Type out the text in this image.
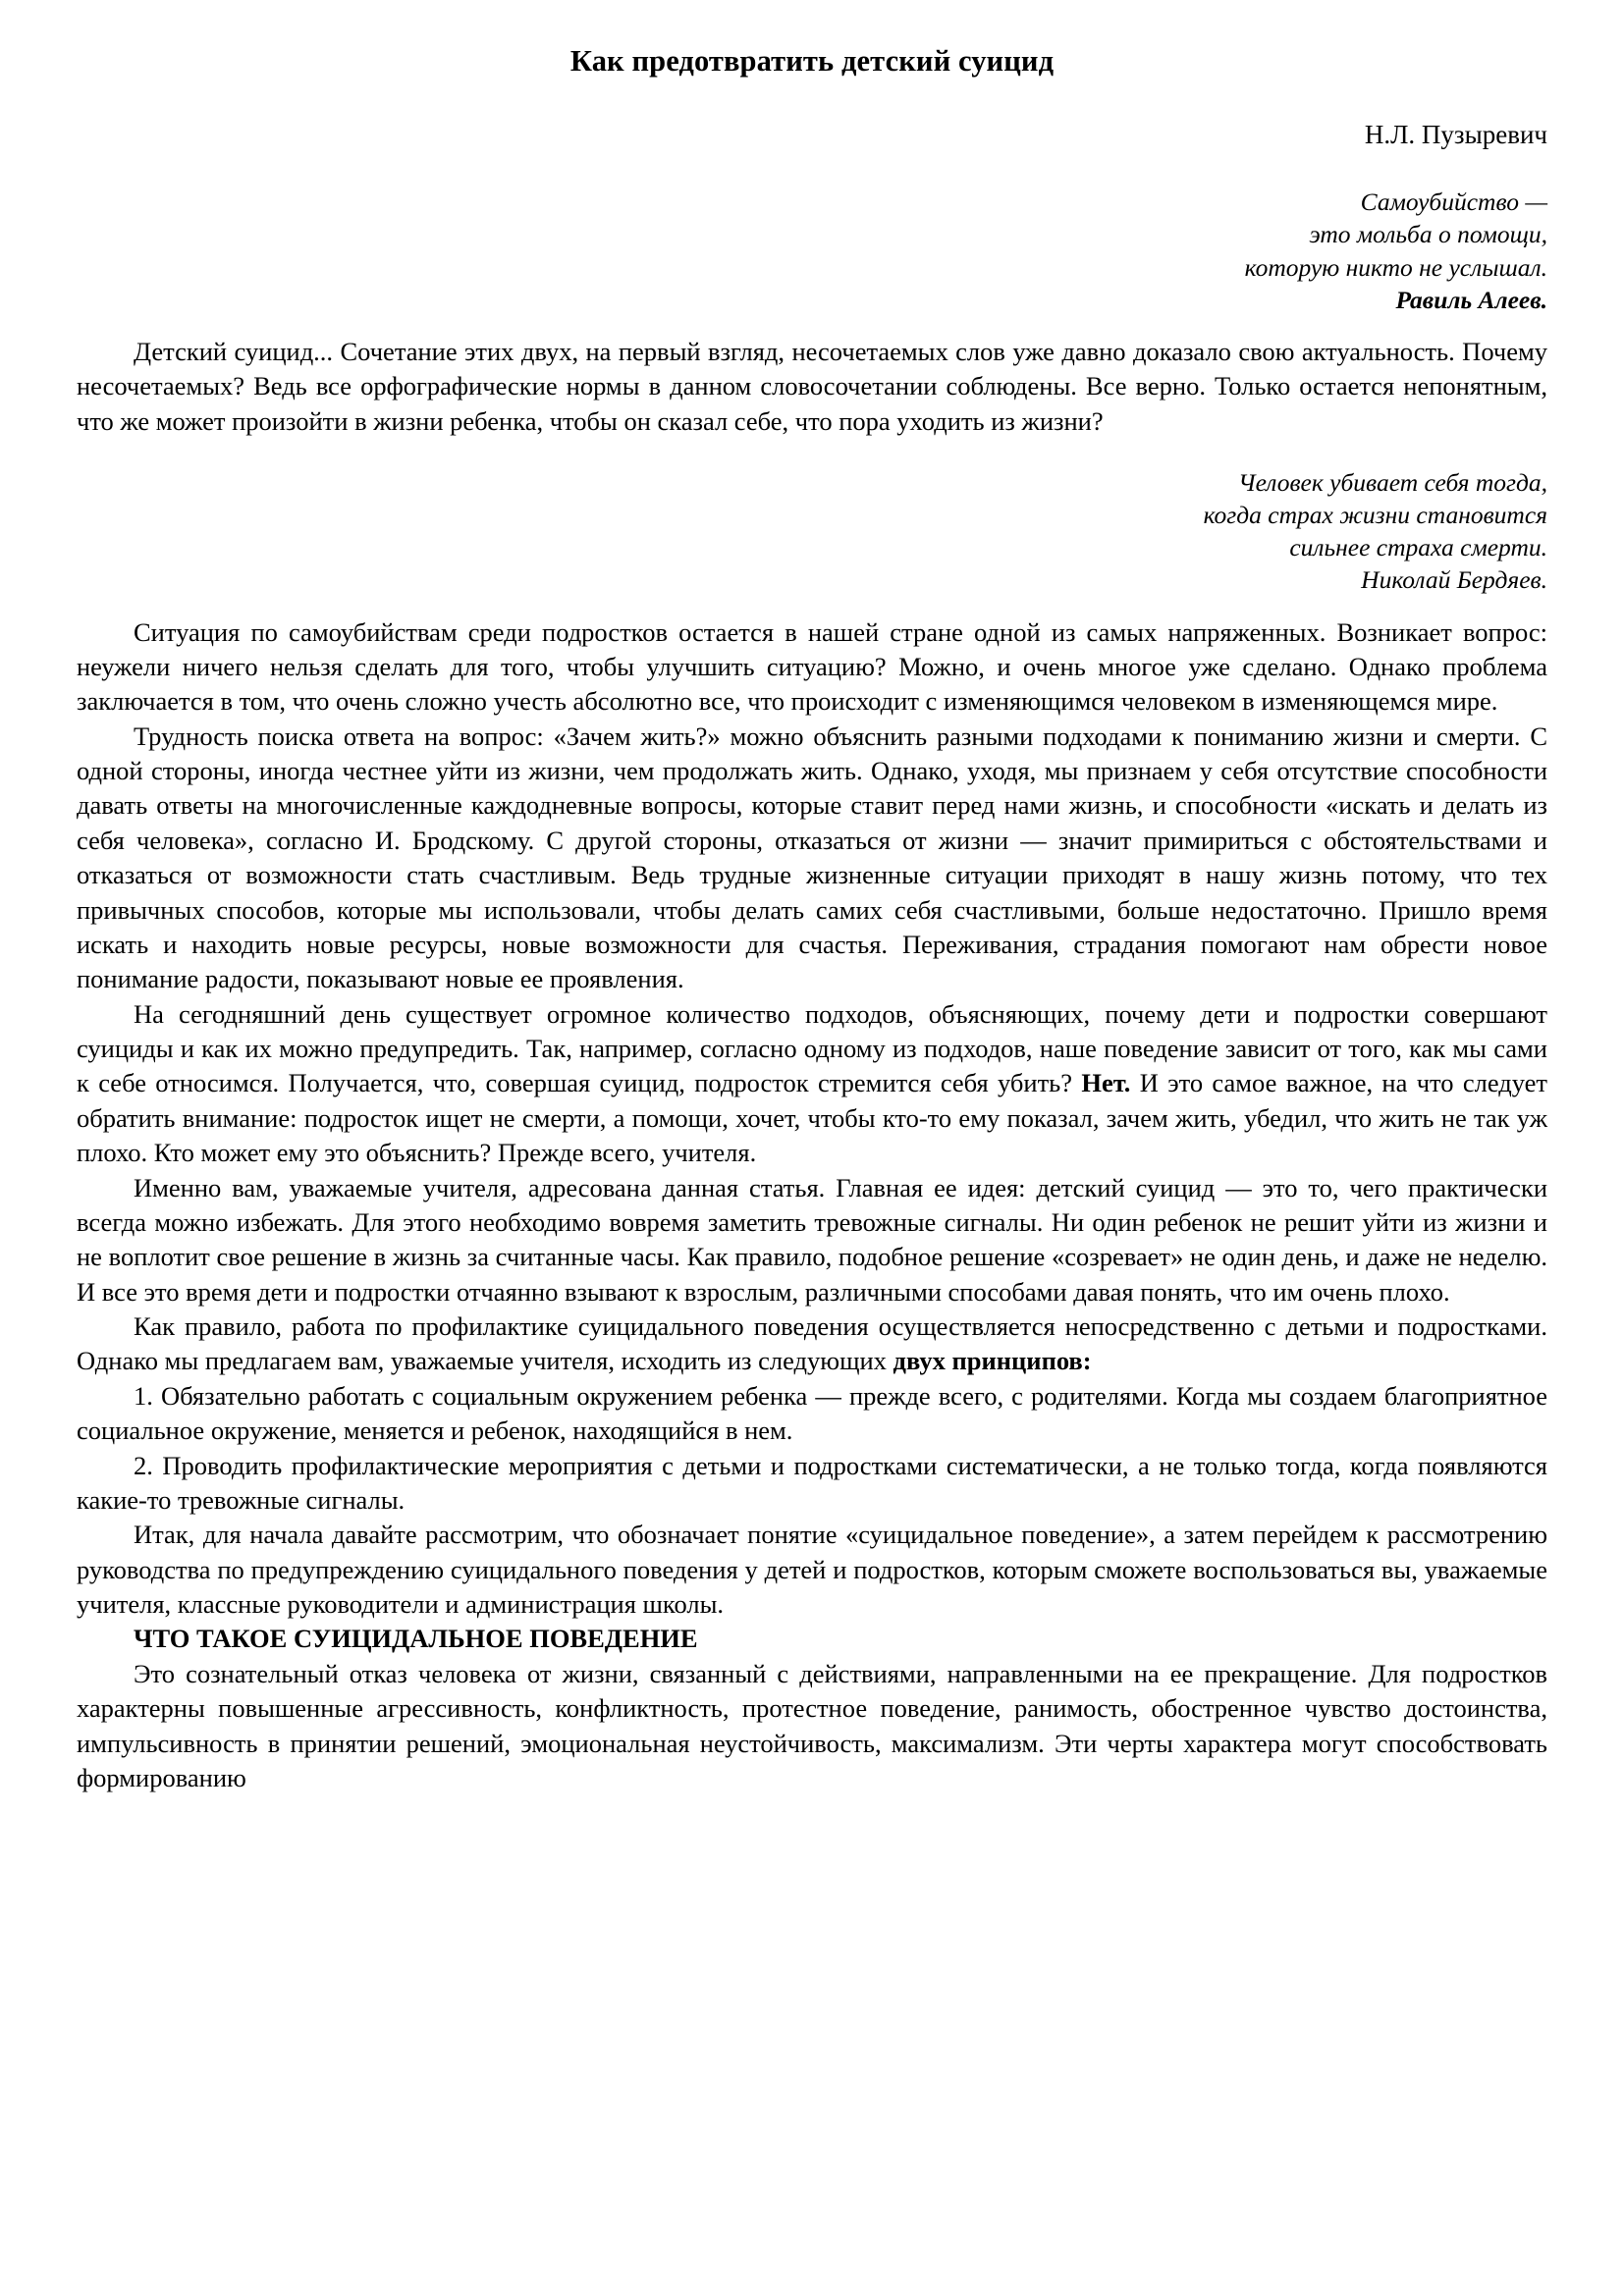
Как предотвратить детский суицид
Н.Л. Пузыревич
Самоубийство —
это мольба о помощи,
которую никто не услышал.
Равиль Алеев.

Детский суицид... Сочетание этих двух, на первый взгляд, несочетаемых слов уже давно доказало свою актуальность. Почему несочетаемых? Ведь все орфографические нормы в данном словосочетании соблюдены. Все верно. Только остается непонятным, что же может произойти в жизни ребенка, чтобы он сказал себе, что пора уходить из жизни?

Человек убивает себя тогда,
когда страх жизни становится
сильнее страха смерти.
Николай Бердяев.

Ситуация по самоубийствам среди подростков остается в нашей стране одной из самых напряженных. Возникает вопрос: неужели ничего нельзя сделать для того, чтобы улучшить ситуацию? Можно, и очень многое уже сделано. Однако проблема заключается в том, что очень сложно учесть абсолютно все, что происходит с изменяющимся человеком в изменяющемся мире.

Трудность поиска ответа на вопрос: «Зачем жить?» можно объяснить разными подходами к пониманию жизни и смерти. С одной стороны, иногда честнее уйти из жизни, чем продолжать жить. Однако, уходя, мы признаем у себя отсутствие способности давать ответы на многочисленные каждодневные вопросы, которые ставит перед нами жизнь, и способности «искать и делать из себя человека», согласно И. Бродскому. С другой стороны, отказаться от жизни — значит примириться с обстоятельствами и отказаться от возможности стать счастливым. Ведь трудные жизненные ситуации приходят в нашу жизнь потому, что тех привычных способов, которые мы использовали, чтобы делать самих себя счастливыми, больше недостаточно. Пришло время искать и находить новые ресурсы, новые возможности для счастья. Переживания, страдания помогают нам обрести новое понимание радости, показывают новые ее проявления.

На сегодняшний день существует огромное количество подходов, объясняющих, почему дети и подростки совершают суициды и как их можно предупредить. Так, например, согласно одному из подходов, наше поведение зависит от того, как мы сами к себе относимся. Получается, что, совершая суицид, подросток стремится себя убить? Нет. И это самое важное, на что следует обратить внимание: подросток ищет не смерти, а помощи, хочет, чтобы кто-то ему показал, зачем жить, убедил, что жить не так уж плохо. Кто может ему это объяснить? Прежде всего, учителя.

Именно вам, уважаемые учителя, адресована данная статья. Главная ее идея: детский суицид — это то, чего практически всегда можно избежать. Для этого необходимо вовремя заметить тревожные сигналы. Ни один ребенок не решит уйти из жизни и не воплотит свое решение в жизнь за считанные часы. Как правило, подобное решение «созревает» не один день, и даже не неделю. И все это время дети и подростки отчаянно взывают к взрослым, различными способами давая понять, что им очень плохо.

Как правило, работа по профилактике суицидального поведения осуществляется непосредственно с детьми и подростками. Однако мы предлагаем вам, уважаемые учителя, исходить из следующих двух принципов:

1. Обязательно работать с социальным окружением ребенка — прежде всего, с родителями. Когда мы создаем благоприятное социальное окружение, меняется и ребенок, находящийся в нем.

2. Проводить профилактические мероприятия с детьми и подростками систематически, а не только тогда, когда появляются какие-то тревожные сигналы.

Итак, для начала давайте рассмотрим, что обозначает понятие «суицидальное поведение», а затем перейдем к рассмотрению руководства по предупреждению суицидального поведения у детей и подростков, которым сможете воспользоваться вы, уважаемые учителя, классные руководители и администрация школы.

ЧТО ТАКОЕ СУИЦИДАЛЬНОЕ ПОВЕДЕНИЕ

Это сознательный отказ человека от жизни, связанный с действиями, направленными на ее прекращение. Для подростков характерны повышенные агрессивность, конфликтность, протестное поведение, ранимость, обостренное чувство достоинства, импульсивность в принятии решений, эмоциональная неустойчивость, максимализм. Эти черты характера могут способствовать формированию
